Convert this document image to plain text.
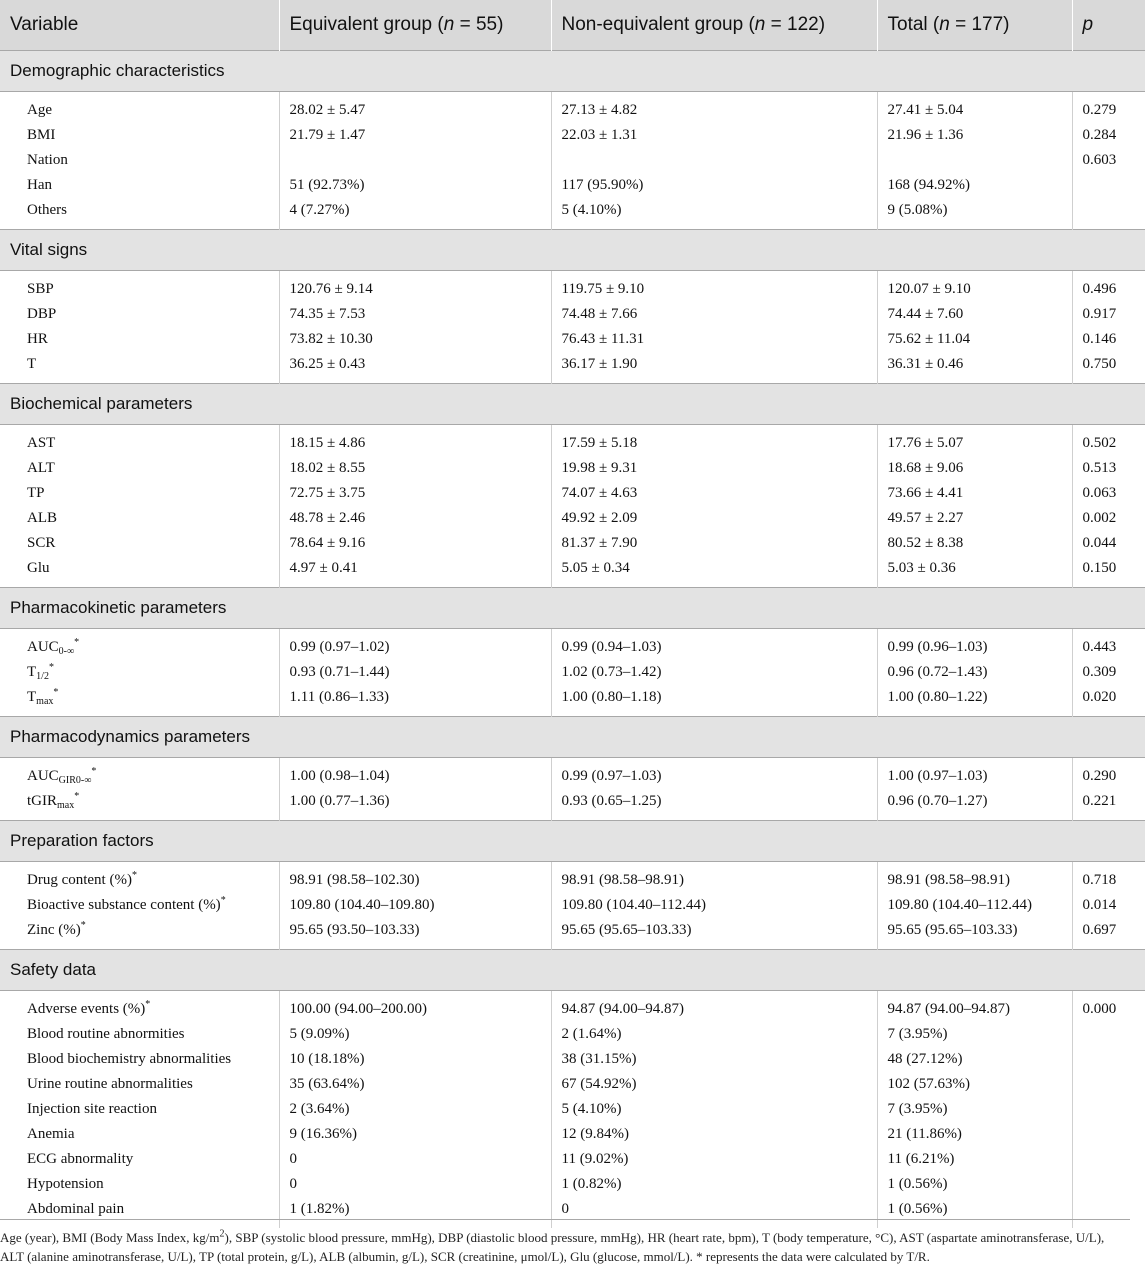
Variable	Equivalent group (n = 55)	Non-equivalent group (n = 122)	Total (n = 177)	p
Demographic characteristics				

Age	28.02 ± 5.47	27.13 ± 4.82	27.41 ± 5.04	0.279
BMI	21.79 ± 1.47	22.03 ± 1.31	21.96 ± 1.36	0.284
Nation				0.603
Han	51 (92.73%)	117 (95.90%)	168 (94.92%)	
Others	4 (7.27%)	5 (4.10%)	9 (5.08%)	

Vital signs				

SBP	120.76 ± 9.14	119.75 ± 9.10	120.07 ± 9.10	0.496
DBP	74.35 ± 7.53	74.48 ± 7.66	74.44 ± 7.60	0.917
HR	73.82 ± 10.30	76.43 ± 11.31	75.62 ± 11.04	0.146
T	36.25 ± 0.43	36.17 ± 1.90	36.31 ± 0.46	0.750

Biochemical parameters				

AST	18.15 ± 4.86	17.59 ± 5.18	17.76 ± 5.07	0.502
ALT	18.02 ± 8.55	19.98 ± 9.31	18.68 ± 9.06	0.513
TP	72.75 ± 3.75	74.07 ± 4.63	73.66 ± 4.41	0.063
ALB	48.78 ± 2.46	49.92 ± 2.09	49.57 ± 2.27	0.002
SCR	78.64 ± 9.16	81.37 ± 7.90	80.52 ± 8.38	0.044
Glu	4.97 ± 0.41	5.05 ± 0.34	5.03 ± 0.36	0.150

Pharmacokinetic parameters				

$AUC_{0-\infty}^*$	0.99 (0.97–1.02)	0.99 (0.94–1.03)	0.99 (0.96–1.03)	0.443
$T_{1/2}^*$	0.93 (0.71–1.44)	1.02 (0.73–1.42)	0.96 (0.72–1.43)	0.309
$T_{max}^*$	1.11 (0.86–1.33)	1.00 (0.80–1.18)	1.00 (0.80–1.22)	0.020

Pharmacodynamics parameters				

$AUC_{GIR0-\infty}^*$	1.00 (0.98–1.04)	0.99 (0.97–1.03)	1.00 (0.97–1.03)	0.290
tGIR$_{max}$*	1.00 (0.77–1.36)	0.93 (0.65–1.25)	0.96 (0.70–1.27)	0.221

Preparation factors				

Drug content (%)*	98.91 (98.58–102.30)	98.91 (98.58–98.91)	98.91 (98.58–98.91)	0.718
Bioactive substance content (%)*	109.80 (104.40–109.80)	109.80 (104.40–112.44)	109.80 (104.40–112.44)	0.014
Zinc (%)*	95.65 (93.50–103.33)	95.65 (95.65–103.33)	95.65 (95.65–103.33)	0.697

Safety data				

Adverse events (%)*	100.00 (94.00–200.00)	94.87 (94.00–94.87)	94.87 (94.00–94.87)	0.000
Blood routine abnormities	5 (9.09%)	2 (1.64%)	7 (3.95%)	
Blood biochemistry abnormalities	10 (18.18%)	38 (31.15%)	48 (27.12%)	
Urine routine abnormalities	35 (63.64%)	67 (54.92%)	102 (57.63%)	
Injection site reaction	2 (3.64%)	5 (4.10%)	7 (3.95%)	
Anemia	9 (16.36%)	12 (9.84%)	21 (11.86%)	
ECG abnormality	0	11 (9.02%)	11 (6.21%)	
Hypotension	0	1 (0.82%)	1 (0.56%)	
Abdominal pain	1 (1.82%)	0	1 (0.56%)	

Age (year), BMI (Body Mass Index, $kg/m^2$), SBP (systolic blood pressure, mmHg), DBP (diastolic blood pressure, mmHg), HR (heart rate, bpm), T (body temperature, °C), AST (aspartate aminotransferase, U/L), ALT (alanine aminotransferase, U/L), TP (total protein, g/L), ALB (albumin, g/L), SCR (creatinine, μmol/L), Glu (glucose, mmol/L). * represents the data were calculated by T/R.
